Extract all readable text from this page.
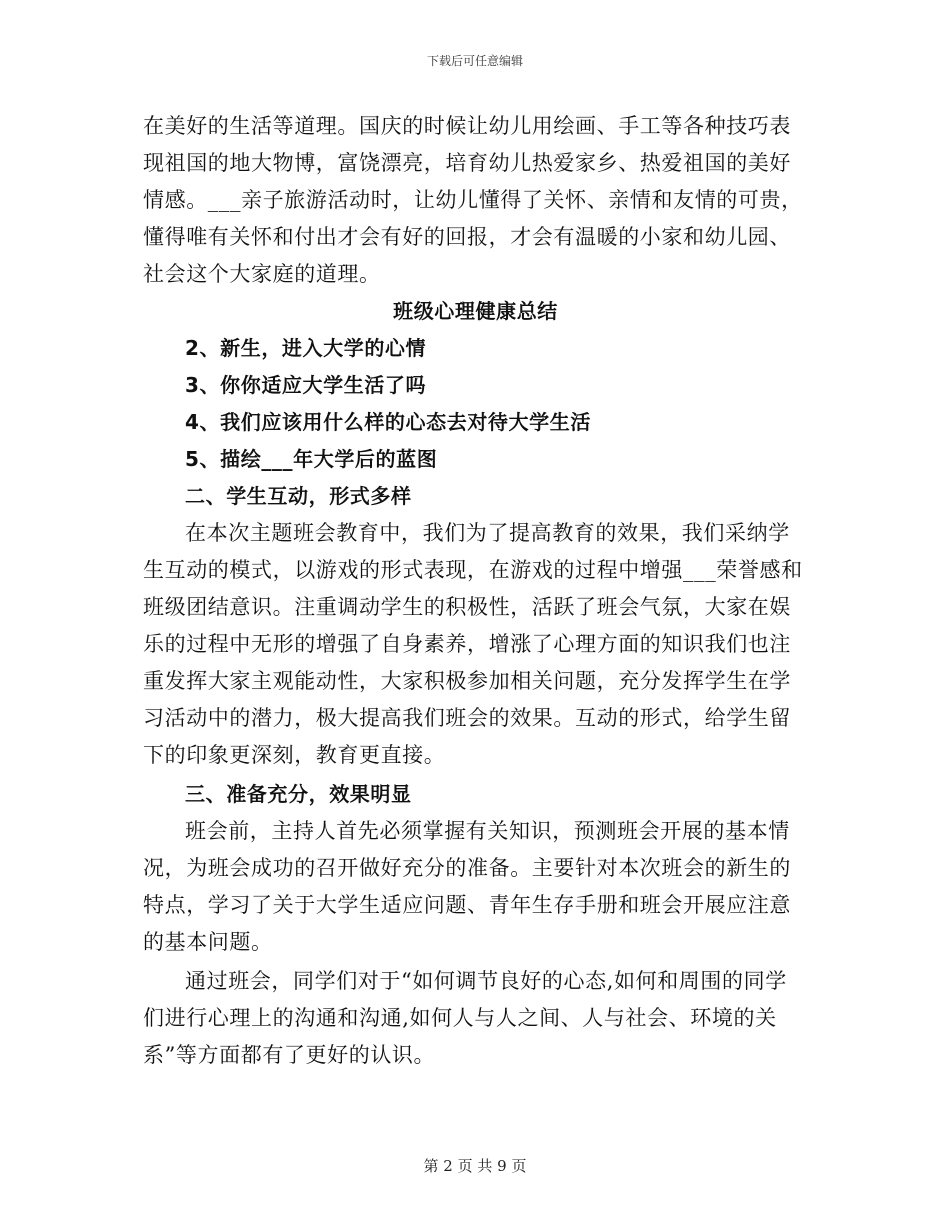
下载后可任意编辑

在美好的生活等道理。国庆的时候让幼儿用绘画、手工等各种技巧表现祖国的地大物博，富饶漂亮，培育幼儿热爱家乡、热爱祖国的美好情感。___亲子旅游活动时，让幼儿懂得了关怀、亲情和友情的可贵，懂得唯有关怀和付出才会有好的回报，才会有温暖的小家和幼儿园、社会这个大家庭的道理。

班级心理健康总结

2、新生，进入大学的心情

3、你你适应大学生活了吗

4、我们应该用什么样的心态去对待大学生活

5、描绘___年大学后的蓝图

二、学生互动，形式多样

在本次主题班会教育中，我们为了提高教育的效果，我们采纳学生互动的模式，以游戏的形式表现，在游戏的过程中增强___荣誉感和班级团结意识。注重调动学生的积极性，活跃了班会气氛，大家在娱乐的过程中无形的增强了自身素养，增涨了心理方面的知识我们也注重发挥大家主观能动性，大家积极参加相关问题，充分发挥学生在学习活动中的潜力，极大提高我们班会的效果。互动的形式，给学生留下的印象更深刻，教育更直接。

三、准备充分，效果明显

班会前，主持人首先必须掌握有关知识，预测班会开展的基本情况，为班会成功的召开做好充分的准备。主要针对本次班会的新生的特点，学习了关于大学生适应问题、青年生存手册和班会开展应注意的基本问题。

通过班会，同学们对于“如何调节良好的心态,如何和周围的同学们进行心理上的沟通和沟通,如何人与人之间、人与社会、环境的关系”等方面都有了更好的认识。

第 2 页 共 9 页
